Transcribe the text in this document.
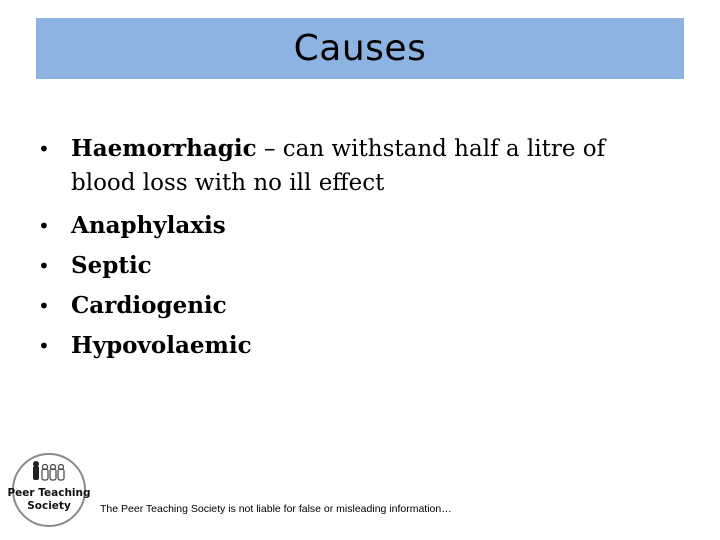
Causes
• Haemorrhagic – can withstand half a litre of
blood loss with no ill effect
• Anaphylaxis
• Septic
• Cardiogenic
• Hypovolaemic
Peer Teaching
Society	The Peer Teaching Society is not liable for false or misleading information…
